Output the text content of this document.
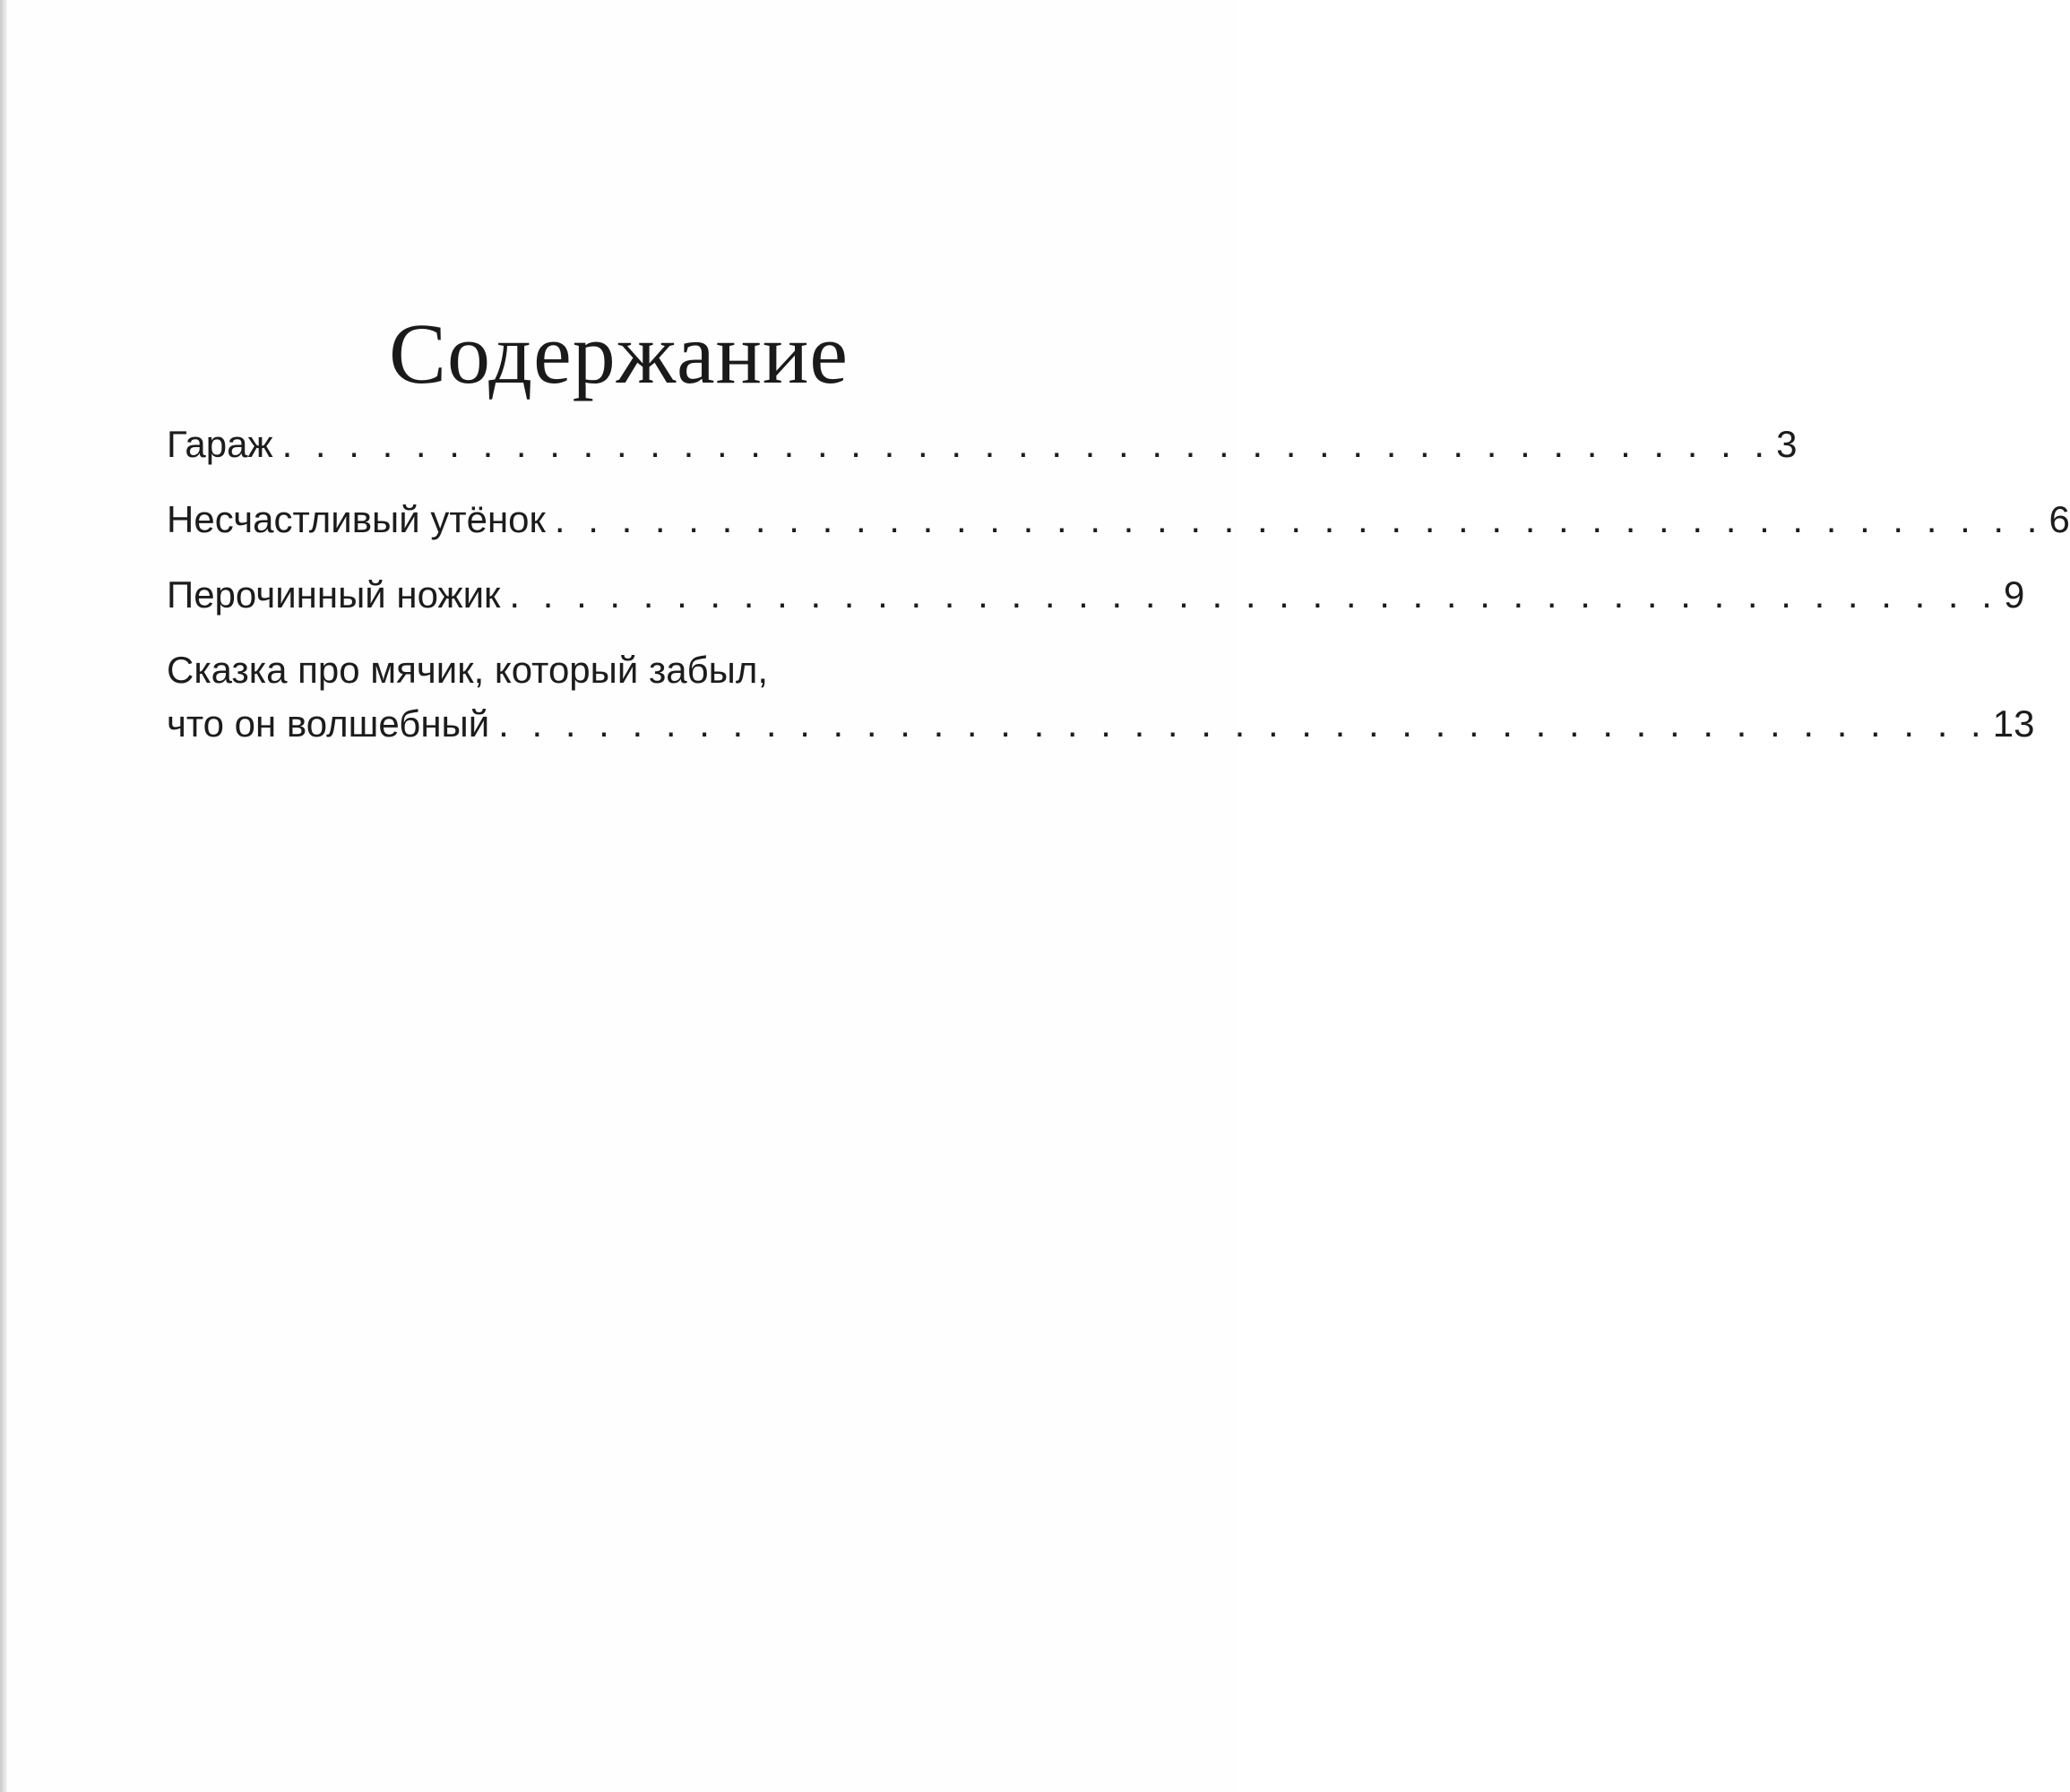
Содержание
Гараж . . . . . . . . . . . . . . . . . . . . . . . . . . . . . . . . . . . . . . . . . . . . . 3
Несчастливый утёнок . . . . . . . . . . . . . . . . . . . . . . . . . . . . . . . . . . . . . . . . . . . . . 6
Перочинный ножик . . . . . . . . . . . . . . . . . . . . . . . . . . . . . . . . . . . . . . . . . . . . . 9
Сказка про мячик, который забыл,
что он волшебный . . . . . . . . . . . . . . . . . . . . . . . . . . . . . . . . . . . . . . . . . . . . . 13
